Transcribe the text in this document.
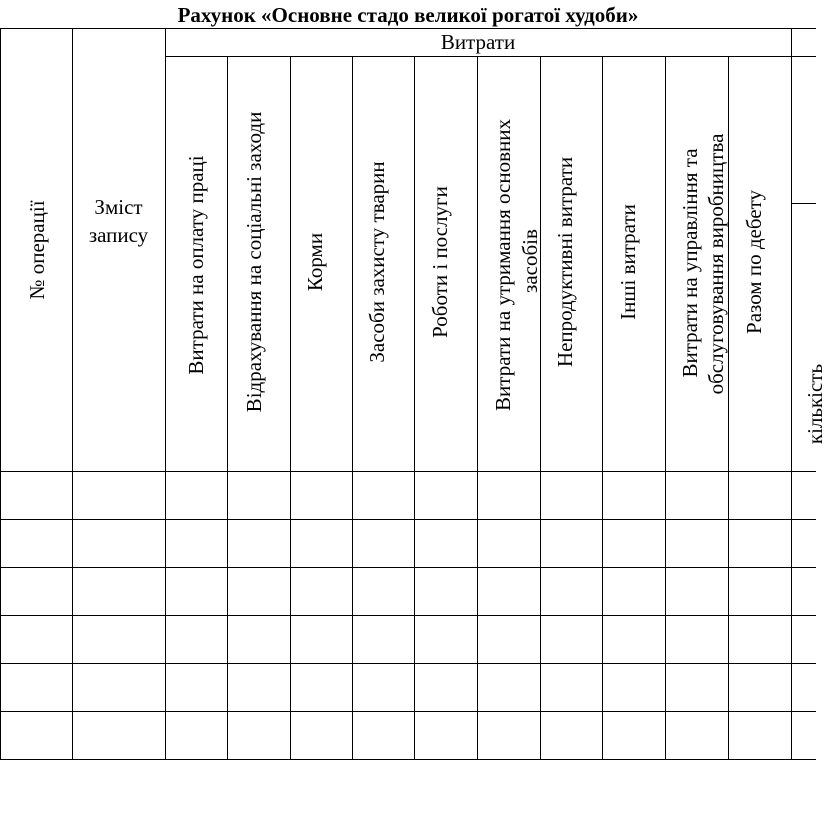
Рахунок «Основне стадо великої рогатої худоби»
№ операції	Зміст
запису
Витрати
Витрати на оплату праці Відрахування на соціальні заходи Корми Засоби захисту тварин Роботи і послуги Витрати на утримання основних засобів Непродуктивні витрати Інші витрати Витрати на управління та обслуговування виробництва Разом по дебету
кількість
